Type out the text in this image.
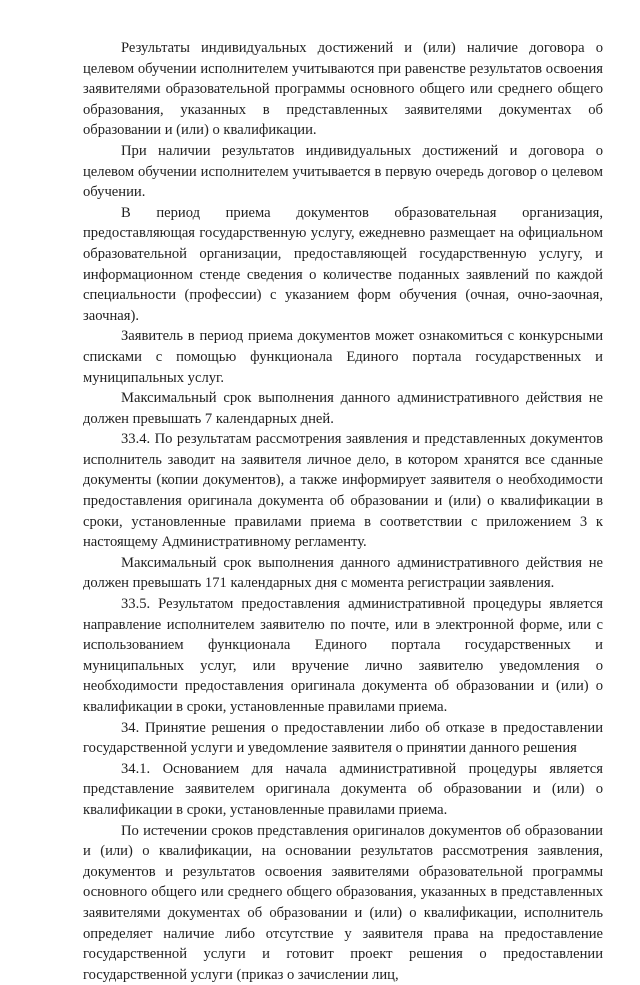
Результаты индивидуальных достижений и (или) наличие договора о целевом обучении исполнителем учитываются при равенстве результатов освоения заявителями образовательной программы основного общего или среднего общего образования, указанных в представленных заявителями документах об образовании и (или) о квалификации.

При наличии результатов индивидуальных достижений и договора о целевом обучении исполнителем учитывается в первую очередь договор о целевом обучении.

В период приема документов образовательная организация, предоставляющая государственную услугу, ежедневно размещает на официальном образовательной организации, предоставляющей государственную услугу, и информационном стенде сведения о количестве поданных заявлений по каждой специальности (профессии) с указанием форм обучения (очная, очно-заочная, заочная).

Заявитель в период приема документов может ознакомиться с конкурсными списками с помощью функционала Единого портала государственных и муниципальных услуг.

Максимальный срок выполнения данного административного действия не должен превышать 7 календарных дней.

33.4. По результатам рассмотрения заявления и представленных документов исполнитель заводит на заявителя личное дело, в котором хранятся все сданные документы (копии документов), а также информирует заявителя о необходимости предоставления оригинала документа об образовании и (или) о квалификации в сроки, установленные правилами приема в соответствии с приложением 3 к настоящему Административному регламенту.

Максимальный срок выполнения данного административного действия не должен превышать 171 календарных дня с момента регистрации заявления.

33.5. Результатом предоставления административной процедуры является направление исполнителем заявителю по почте, или в электронной форме, или с использованием функционала Единого портала государственных и муниципальных услуг, или вручение лично заявителю уведомления о необходимости предоставления оригинала документа об образовании и (или) о квалификации в сроки, установленные правилами приема.

34. Принятие решения о предоставлении либо об отказе в предоставлении государственной услуги и уведомление заявителя о принятии данного решения

34.1. Основанием для начала административной процедуры является представление заявителем оригинала документа об образовании и (или) о квалификации в сроки, установленные правилами приема.

По истечении сроков представления оригиналов документов об образовании и (или) о квалификации, на основании результатов рассмотрения заявления, документов и результатов освоения заявителями образовательной программы основного общего или среднего общего образования, указанных в представленных заявителями документах об образовании и (или) о квалификации, исполнитель определяет наличие либо отсутствие у заявителя права на предоставление государственной услуги и готовит проект решения о предоставлении государственной услуги (приказ о зачислении лиц,
